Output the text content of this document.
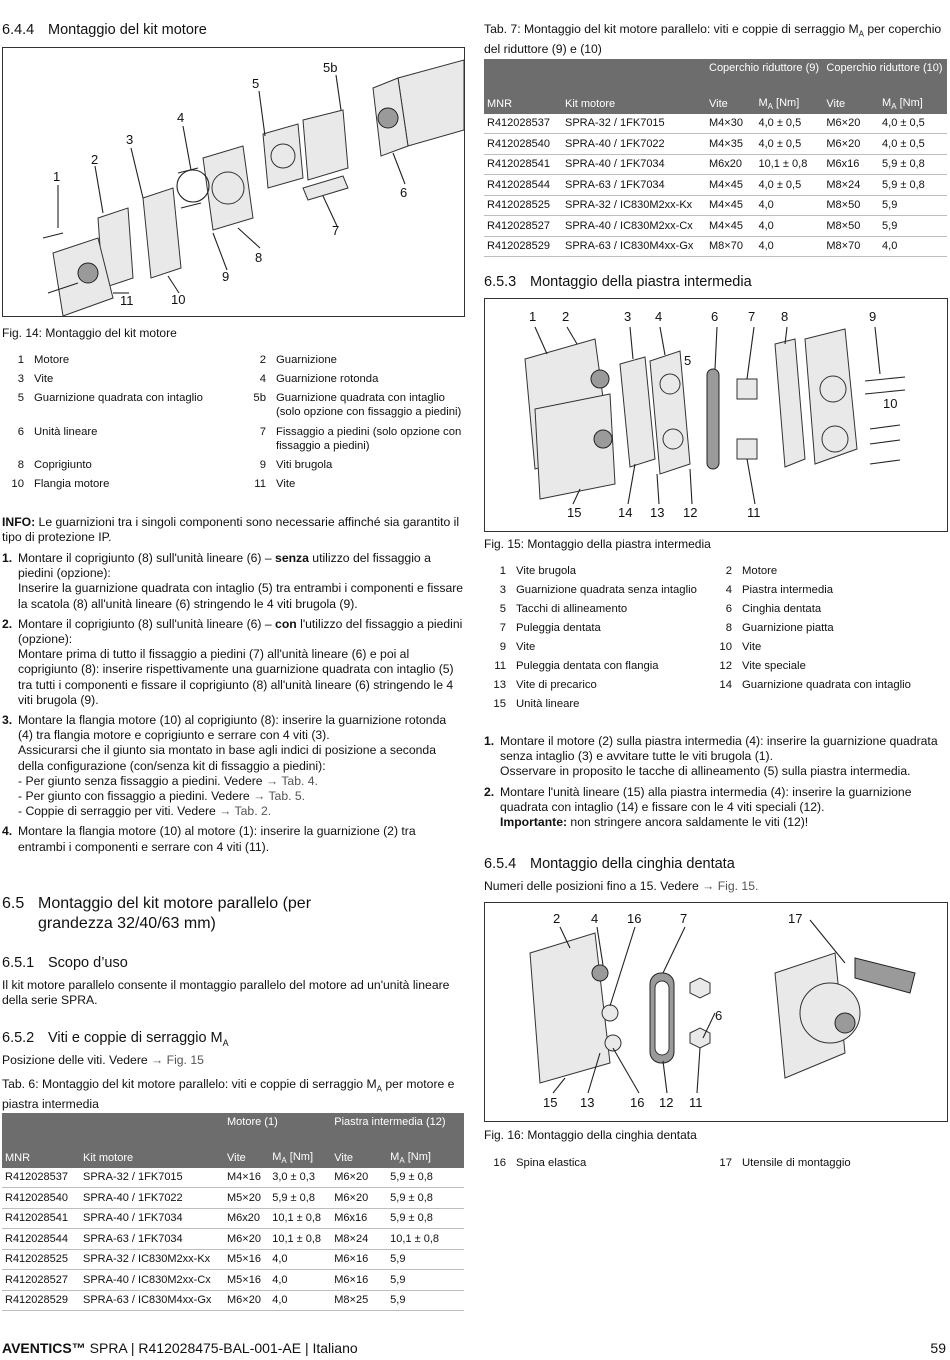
6.4.4 Montaggio del kit motore
1
2
3
4
5
5b
6
7
8
9
10
11
Fig. 14: Montaggio del kit motore
1 Motore	2 Guarnizione
3 Vite	4 Guarnizione rotonda
5 Guarnizione quadrata con intaglio	5b Guarnizione quadrata con intaglio (solo opzione con fissaggio a piedini)
6 Unità lineare	7 Fissaggio a piedini (solo opzione con fissaggio a piedini)
8 Coprigiunto	9 Viti brugola
10 Flangia motore	11 Vite
INFO: Le guarnizioni tra i singoli componenti sono necessarie affinché sia garantito il tipo di protezione IP.
1. Montare il coprigiunto (8) sull'unità lineare (6) – senza utilizzo del fissaggio a piedini (opzione):
Inserire la guarnizione quadrata con intaglio (5) tra entrambi i componenti e fissare la scatola (8) all'unità lineare (6) stringendo le 4 viti brugola (9).
2. Montare il coprigiunto (8) sull'unità lineare (6) – con l'utilizzo del fissaggio a piedini (opzione):
Montare prima di tutto il fissaggio a piedini (7) all'unità lineare (6) e poi al coprigiunto (8): inserire rispettivamente una guarnizione quadrata con intaglio (5) tra tutti i componenti e fissare il coprigiunto (8) all'unità lineare (6) stringendo le 4 viti brugola (9).
3. Montare la flangia motore (10) al coprigiunto (8): inserire la guarnizione rotonda (4) tra flangia motore e coprigiunto e serrare con 4 viti (3).
Assicurarsi che il giunto sia montato in base agli indici di posizione a seconda della configurazione (con/senza kit di fissaggio a piedini):
- Per giunto senza fissaggio a piedini. Vedere → Tab. 4.
- Per giunto con fissaggio a piedini. Vedere → Tab. 5.
- Coppie di serraggio per viti. Vedere → Tab. 2.
4. Montare la flangia motore (10) al motore (1): inserire la guarnizione (2) tra entrambi i componenti e serrare con 4 viti (11).
6.5 Montaggio del kit motore parallelo (per grandezza 32/40/63 mm)
6.5.1 Scopo d’uso
Il kit motore parallelo consente il montaggio parallelo del motore ad un'unità lineare della serie SPRA.
6.5.2 Viti e coppie di serraggio $M_A$
Posizione delle viti. Vedere → Fig. 15
Tab. 6: Montaggio del kit motore parallelo: viti e coppie di serraggio $M_A$ per motore e piastra intermedia
		Motore (1)		Piastra intermedia (12)	
MNR	Kit motore	Vite	$M_A$ [Nm]	Vite	$M_A$ [Nm]
R412028537	SPRA-32 / 1FK7015	M4×16	3,0 ± 0,3	M6×20	5,9 ± 0,8
R412028540	SPRA-40 / 1FK7022	M5×20	5,9 ± 0,8	M6×20	5,9 ± 0,8
R412028541	SPRA-40 / 1FK7034	M6x20	10,1 ± 0,8	M6x16	5,9 ± 0,8
R412028544	SPRA-63 / 1FK7034	M6×20	10,1 ± 0,8	M8×24	10,1 ± 0,8
R412028525	SPRA-32 / IC830M2xx-Kx	M5×16	4,0	M6×16	5,9
R412028527	SPRA-40 / IC830M2xx-Cx	M5×16	4,0	M6×16	5,9
R412028529	SPRA-63 / IC830M4xx-Gx	M6×20	4,0	M8×25	5,9
Tab. 7: Montaggio del kit motore parallelo: viti e coppie di serraggio $M_A$ per coperchio del riduttore (9) e (10)
		Coperchio riduttore (9)		Coperchio riduttore (10)	
MNR	Kit motore	Vite	$M_A$ [Nm]	Vite	$M_A$ [Nm]
R412028537	SPRA-32 / 1FK7015	M4×30	4,0 ± 0,5	M6×20	4,0 ± 0,5
R412028540	SPRA-40 / 1FK7022	M4×35	4,0 ± 0,5	M6×20	4,0 ± 0,5
R412028541	SPRA-40 / 1FK7034	M6x20	10,1 ± 0,8	M6x16	5,9 ± 0,8
R412028544	SPRA-63 / 1FK7034	M4×45	4,0 ± 0,5	M8×24	5,9 ± 0,8
R412028525	SPRA-32 / IC830M2xx-Kx	M4×45	4,0	M8×50	5,9
R412028527	SPRA-40 / IC830M2xx-Cx	M4×45	4,0	M8×50	5,9
R412028529	SPRA-63 / IC830M4xx-Gx	M8×70	4,0	M8×70	4,0
6.5.3 Montaggio della piastra intermedia
1 2	3 4
5
6 7 8	9
10
15	14 13 12	11
Fig. 15: Montaggio della piastra intermedia
1 Vite brugola	2 Motore
3 Guarnizione quadrata senza intaglio	4 Piastra intermedia
5 Tacchi di allineamento	6 Cinghia dentata
7 Puleggia dentata	8 Guarnizione piatta
9 Vite	10 Vite
11 Puleggia dentata con flangia	12 Vite speciale
13 Vite di precarico	14 Guarnizione quadrata con intaglio
15 Unità lineare
1. Montare il motore (2) sulla piastra intermedia (4): inserire la guarnizione quadrata senza intaglio (3) e avvitare tutte le viti brugola (1).
Osservare in proposito le tacche di allineamento (5) sulla piastra intermedia.
2. Montare l'unità lineare (15) alla piastra intermedia (4): inserire la guarnizione quadrata con intaglio (14) e fissare con le 4 viti speciali (12).
Importante: non stringere ancora saldamente le viti (12)!
6.5.4 Montaggio della cinghia dentata
Numeri delle posizioni fino a 15. Vedere → Fig. 15.
2 4 16	7	17
6
15 13	16 12 11
Fig. 16: Montaggio della cinghia dentata
16 Spina elastica	17 Utensile di montaggio
AVENTICS™ SPRA | R412028475-BAL-001-AE | Italiano	59
